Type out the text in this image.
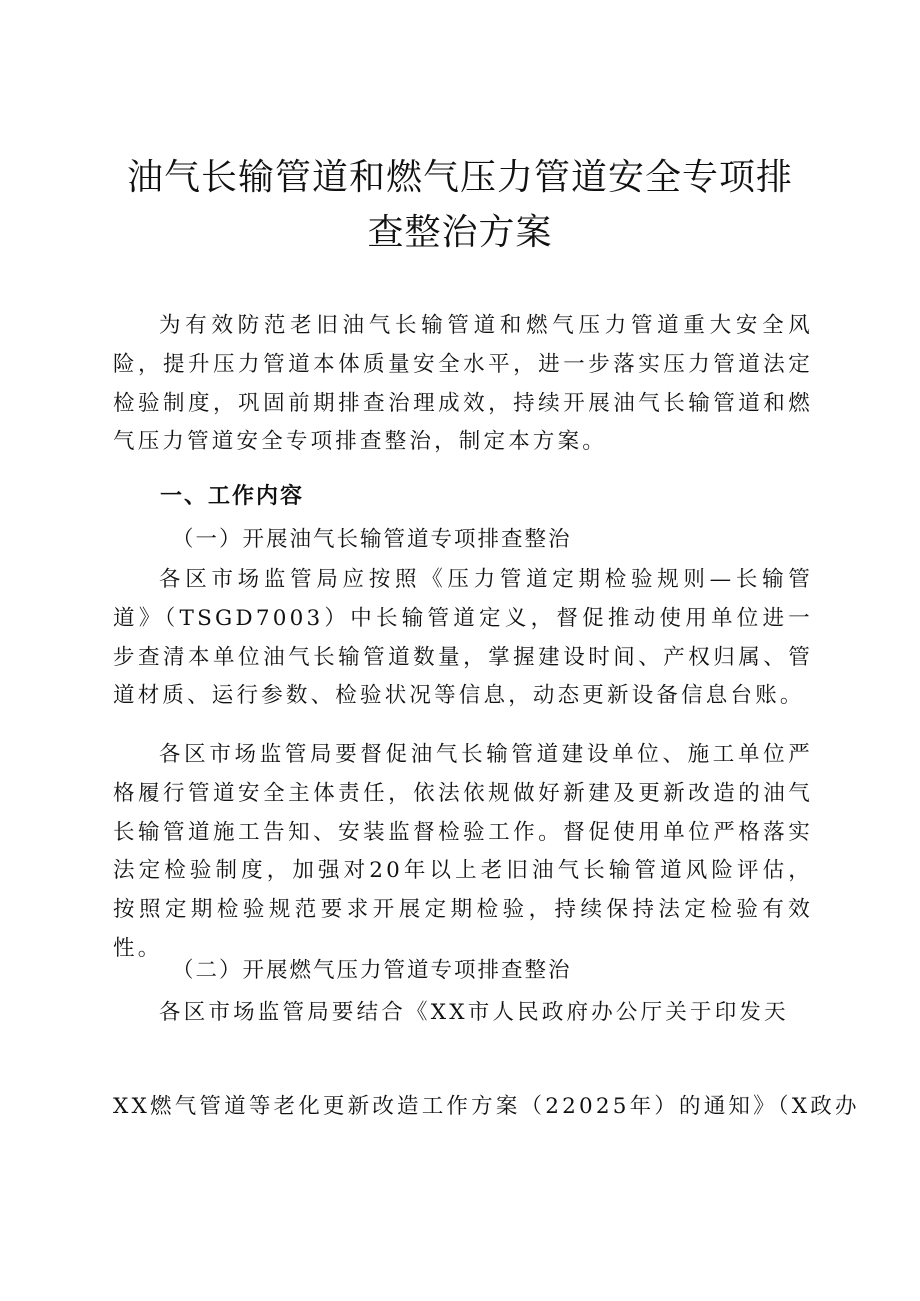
油气长输管道和燃气压力管道安全专项排查整治方案
为有效防范老旧油气长输管道和燃气压力管道重大安全风险，提升压力管道本体质量安全水平，进一步落实压力管道法定检验制度，巩固前期排查治理成效，持续开展油气长输管道和燃气压力管道安全专项排查整治，制定本方案。
一、工作内容
（一）开展油气长输管道专项排查整治
各区市场监管局应按照《压力管道定期检验规则—长输管道》（TSGD7003）中长输管道定义，督促推动使用单位进一步查清本单位油气长输管道数量，掌握建设时间、产权归属、管道材质、运行参数、检验状况等信息，动态更新设备信息台账。
各区市场监管局要督促油气长输管道建设单位、施工单位严格履行管道安全主体责任，依法依规做好新建及更新改造的油气长输管道施工告知、安装监督检验工作。督促使用单位严格落实法定检验制度，加强对20年以上老旧油气长输管道风险评估，按照定期检验规范要求开展定期检验，持续保持法定检验有效性。
（二）开展燃气压力管道专项排查整治
各区市场监管局要结合《XX市人民政府办公厅关于印发天
XX燃气管道等老化更新改造工作方案（22025年）的通知》（X政办
